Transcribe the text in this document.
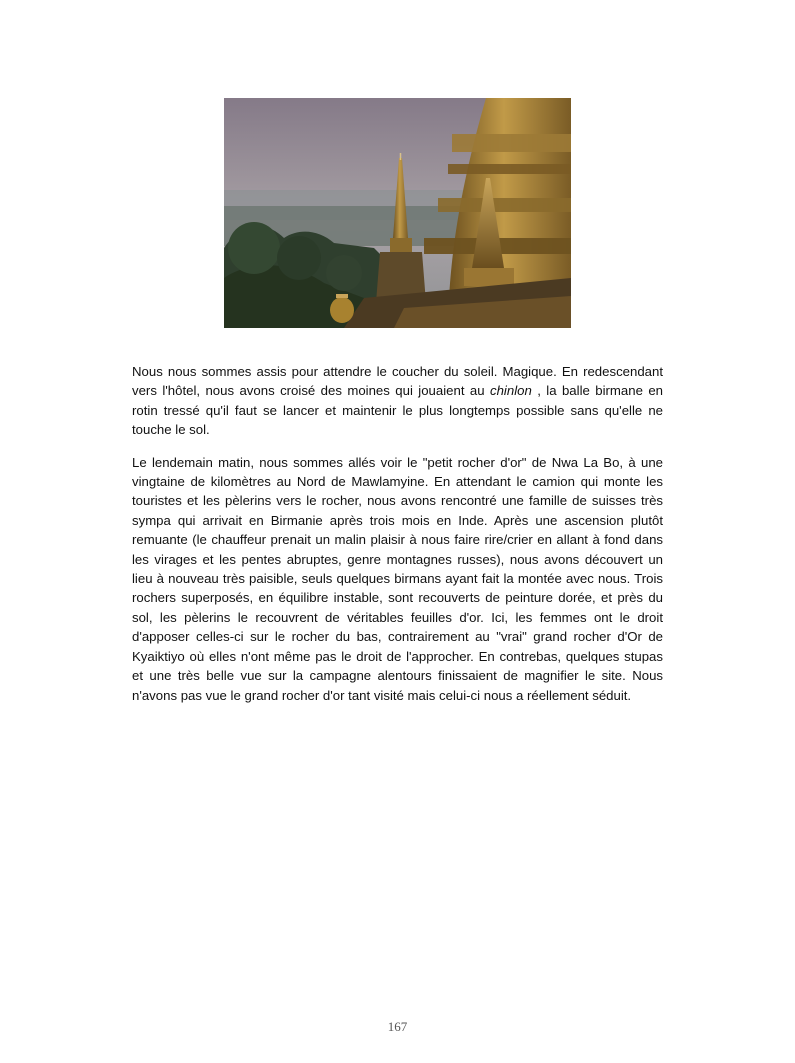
Nous nous sommes assis pour attendre le coucher du soleil. Magique. En redescendant vers l'hôtel, nous avons croisé des moines qui jouaient au chinlon , la balle birmane en rotin tressé qu'il faut se lancer et maintenir le plus longtemps possible sans qu'elle ne touche le sol.

Le lendemain matin, nous sommes allés voir le "petit rocher d'or" de Nwa La Bo, à une vingtaine de kilomètres au Nord de Mawlamyine. En attendant le camion qui monte les touristes et les pèlerins vers le rocher, nous avons rencontré une famille de suisses très sympa qui arrivait en Birmanie après trois mois en Inde. Après une ascension plutôt remuante (le chauffeur prenait un malin plaisir à nous faire rire/crier en allant à fond dans les virages et les pentes abruptes, genre montagnes russes), nous avons découvert un lieu à nouveau très paisible, seuls quelques birmans ayant fait la montée avec nous. Trois rochers superposés, en équilibre instable, sont recouverts de peinture dorée, et près du sol, les pèlerins le recouvrent de véritables feuilles d'or. Ici, les femmes ont le droit d'apposer celles-ci sur le rocher du bas, contrairement au "vrai" grand rocher d'Or de Kyaiktiyo où elles n'ont même pas le droit de l'approcher. En contrebas, quelques stupas et une très belle vue sur la campagne alentours finissaient de magnifier le site. Nous n'avons pas vue le grand rocher d'or tant visité mais celui-ci nous a réellement séduit.

167
